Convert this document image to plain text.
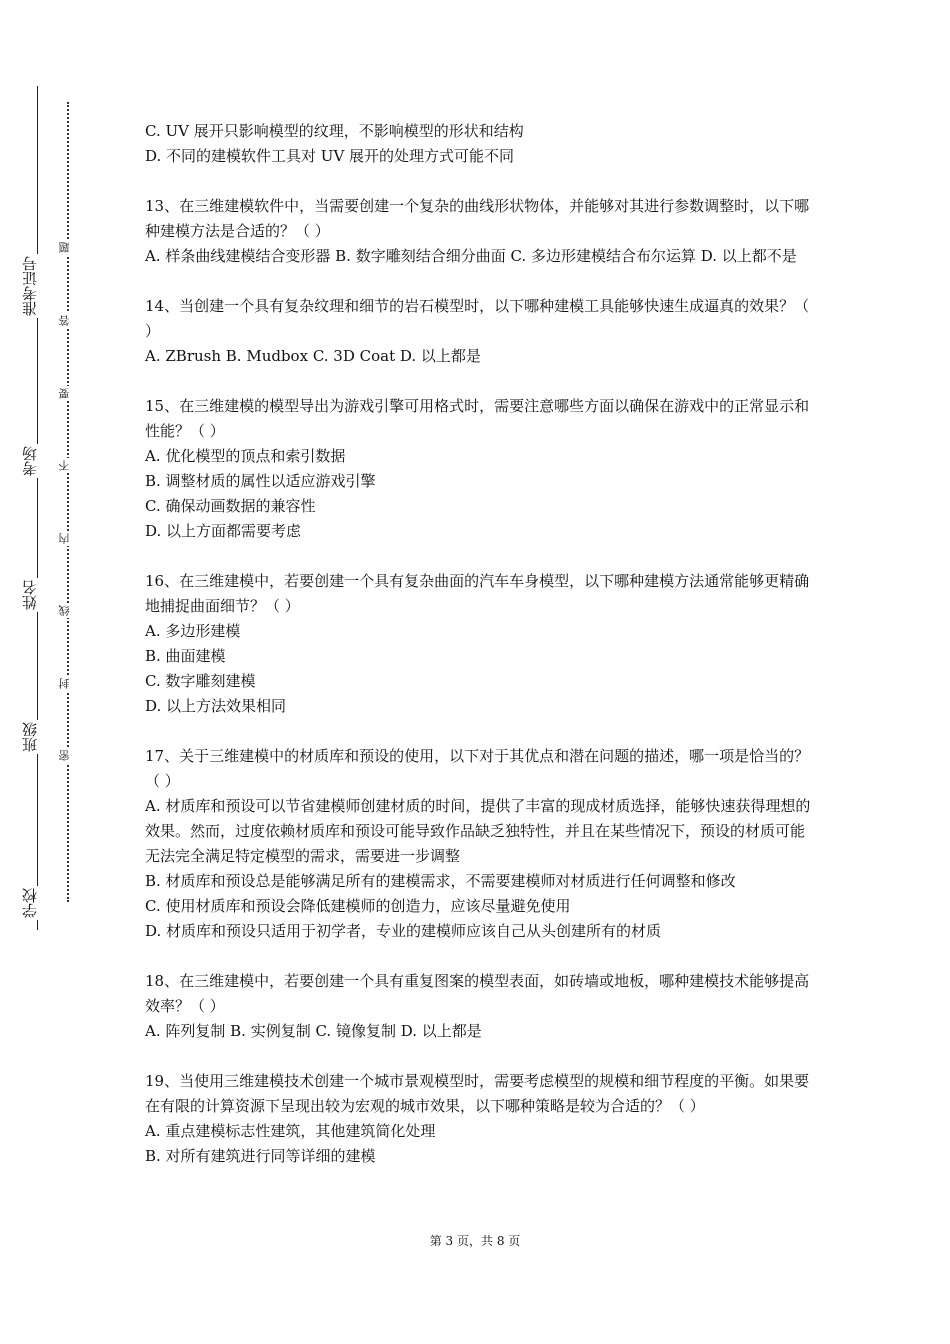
准考证号
考场
姓名
班级
学校
题
答
要
不
内
线
封
密

C. UV 展开只影响模型的纹理，不影响模型的形状和结构

D. 不同的建模软件工具对 UV 展开的处理方式可能不同

13、在三维建模软件中，当需要创建一个复杂的曲线形状物体，并能够对其进行参数调整时，以下哪种建模方法是合适的？（ ）

A. 样条曲线建模结合变形器 B. 数字雕刻结合细分曲面 C. 多边形建模结合布尔运算 D. 以上都不是

14、当创建一个具有复杂纹理和细节的岩石模型时，以下哪种建模工具能够快速生成逼真的效果？（ ）

A. ZBrush B. Mudbox C. 3D Coat D. 以上都是

15、在三维建模的模型导出为游戏引擎可用格式时，需要注意哪些方面以确保在游戏中的正常显示和性能？（ ）

A. 优化模型的顶点和索引数据

B. 调整材质的属性以适应游戏引擎

C. 确保动画数据的兼容性

D. 以上方面都需要考虑

16、在三维建模中，若要创建一个具有复杂曲面的汽车车身模型，以下哪种建模方法通常能够更精确地捕捉曲面细节？（ ）

A. 多边形建模

B. 曲面建模

C. 数字雕刻建模

D. 以上方法效果相同

17、关于三维建模中的材质库和预设的使用，以下对于其优点和潜在问题的描述，哪一项是恰当的？（ ）

A. 材质库和预设可以节省建模师创建材质的时间，提供了丰富的现成材质选择，能够快速获得理想的效果。然而，过度依赖材质库和预设可能导致作品缺乏独特性，并且在某些情况下，预设的材质可能无法完全满足特定模型的需求，需要进一步调整

B. 材质库和预设总是能够满足所有的建模需求，不需要建模师对材质进行任何调整和修改

C. 使用材质库和预设会降低建模师的创造力，应该尽量避免使用

D. 材质库和预设只适用于初学者，专业的建模师应该自己从头创建所有的材质

18、在三维建模中，若要创建一个具有重复图案的模型表面，如砖墙或地板，哪种建模技术能够提高效率？（ ）

A. 阵列复制 B. 实例复制 C. 镜像复制 D. 以上都是

19、当使用三维建模技术创建一个城市景观模型时，需要考虑模型的规模和细节程度的平衡。如果要在有限的计算资源下呈现出较为宏观的城市效果，以下哪种策略是较为合适的？（ ）

A. 重点建模标志性建筑，其他建筑简化处理

B. 对所有建筑进行同等详细的建模

第 3 页，共 8 页
